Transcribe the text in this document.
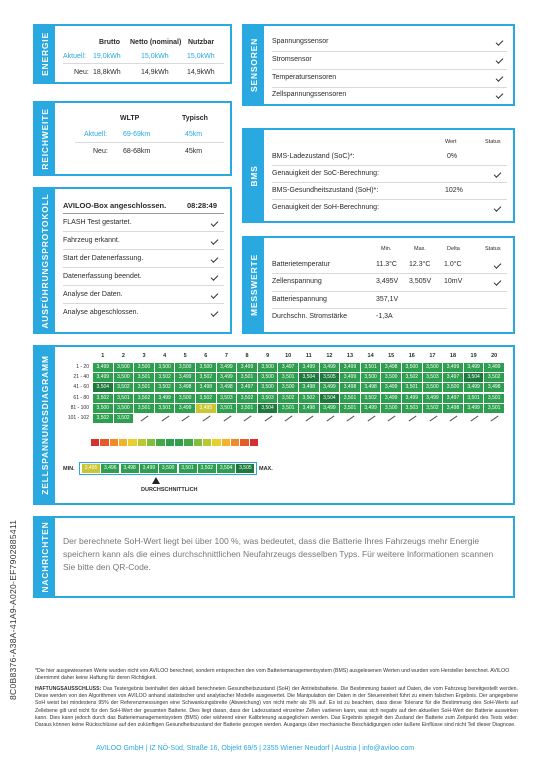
ENERGIE	Brutto Netto (nominal) Nutzbar
Aktuell: 19,0kWh	15,0kWh	15,0kWh
Neu: 18,8kWh	14,9kWh	14,9kWh	SENSOREN Spannungssensor
Stromsensor
Temperatursensoren
Zellspannungssensoren
REICHWEITE	WLTP	Typisch
Aktuell: 69-69km	45km
Neu: 68-68km	45km
BMS
Wert	Status
BMS-Ladezustand (SoC)*:	0%
Genauigkeit der SoC-Berechnung:
BMS-Gesundheitszustand (SoH)*:	102%
Genauigkeit der SoH-Berechnung:
AUSFÜHRUNGSPROTOKOLL AVILOO-Box angeschlossen.	08:28:49
FLASH Test gestartet.
Fahrzeug erkannt.
Start der Datenerfassung.
Datenerfassung beendet.
Analyse der Daten.
Analyse abgeschlossen.	MESSWERTE
Min.	Max.	Delta	Status
Batterietemperatur	11.3°C 12.3°C 1.0°C
Zellenspannung	3,495V 3,505V 10mV
Batteriespannung	357,1V
Durchschn. Stromstärke	-1,3A
ZELLSPANNUNGSDIAGRAMM	1	2	3	4	5	6	7	8	9	10	11	12	13	14	15	16	17	18	19	20
1 - 20	3,499	3,500	3,500	3,500	3,500	3,500	3,499	3,499	3,500	3,497	3,499	3,499	3,499	3,501	3,498	3,500	3,500	3,499	3,499	3,499
21 - 40	3,499	3,500	3,501	3,502	3,499	3,502	3,499	3,501	3,500	3,501	3,504	3,505	3,499	3,500	3,500	3,502	3,503	3,497	3,504	3,502
41 - 60	3,504	3,502	3,501	3,502	3,498	3,498	3,498	3,497	3,500	3,500	3,498	3,499	3,498	3,498	3,499	3,501	3,500	3,500	3,499	3,498
61 - 80	3,502	3,501	3,502	3,499	3,500	3,502	3,503	3,502	3,503	3,502	3,502	3,504	3,501	3,502	3,499	3,499	3,499	3,497	3,501	3,501
81 - 100	3,500	3,500	3,501	3,501	3,499	3,495	3,501	3,501	3,504	3,501	3,498	3,499	3,501	3,499	3,500	3,503	3,502	3,498	3,499	3,501
101 - 102	3,502	3,502
MIN.	3,495	3,496	3,498	3,499	3,500	3,501	3,502	3,504	3,505	MAX.
DURCHSCHNITTLICH
NACHRICHTEN Der berechnete SoH-Wert liegt bei über 100 %, was bedeutet, dass die Batterie Ihres Fahrzeugs mehr Energie speichern kann als die eines durchschnittlichen Neufahrzeugs desselben Typs. Für weitere Informationen scannen Sie bitte den QR-Code.
8C0B8376-A38A-41A9-A020-EF7902885411	*Die hier ausgewiesenen Werte wurden nicht von AVILOO berechnet, sondern entsprechen den vom Batteriemanagementsystem (BMS) ausgelesenen Werten und wurden vom Hersteller berechnet. AVILOO übernimmt daher keine Haftung für deren Richtigkeit.
HAFTUNGSAUSSCHLUSS: Das Testergebnis beinhaltet den aktuell berechneten Gesundheitszustand (SoH) der Antriebsbatterie. Die Bestimmung basiert auf Daten, die vom Fahrzeug bereitgestellt werden. Diese werden von den Algorithmen von AVILOO anhand statistischer und analytischer Modelle ausgewertet. Die Manipulation der Daten in der Steuereinheit führt zu einem falschen Ergebnis. Der angegebene SoH weist bei mindestens 95% der Referenzmessungen eine Schwankungsbreite (Abweichung) von nicht mehr als 3% auf. Es ist zu beachten, dass diese Toleranz für die Bestimmung des SoH-Werts auf Zellebene gilt und nicht für den SoH-Wert der gesamten Batterie. Dies liegt daran, dass der Ladezustand einzelner Zellen variieren kann, was sich negativ auf den aktuellen SoH-Wert der Batterie auswirken kann. Dies kann jedoch durch das Batteriemanagementsystem (BMS) oder während einer Kalibrierung ausgeglichen werden. Das Ergebnis spiegelt den Zustand der Batterie zum Zeitpunkt des Tests wider. Daraus können keine Rückschlüsse auf den zukünftigen Gesundheitszustand der Batterie gezogen werden. Ausgangs über mechanische Beschädigungen oder äußere Einflüsse sind nicht Teil dieser Diagnose.
AVILOO GmbH | IZ NÖ-Süd, Straße 16, Objekt 69/5 | 2355 Wiener Neudorf | Austria | info@aviloo.com
